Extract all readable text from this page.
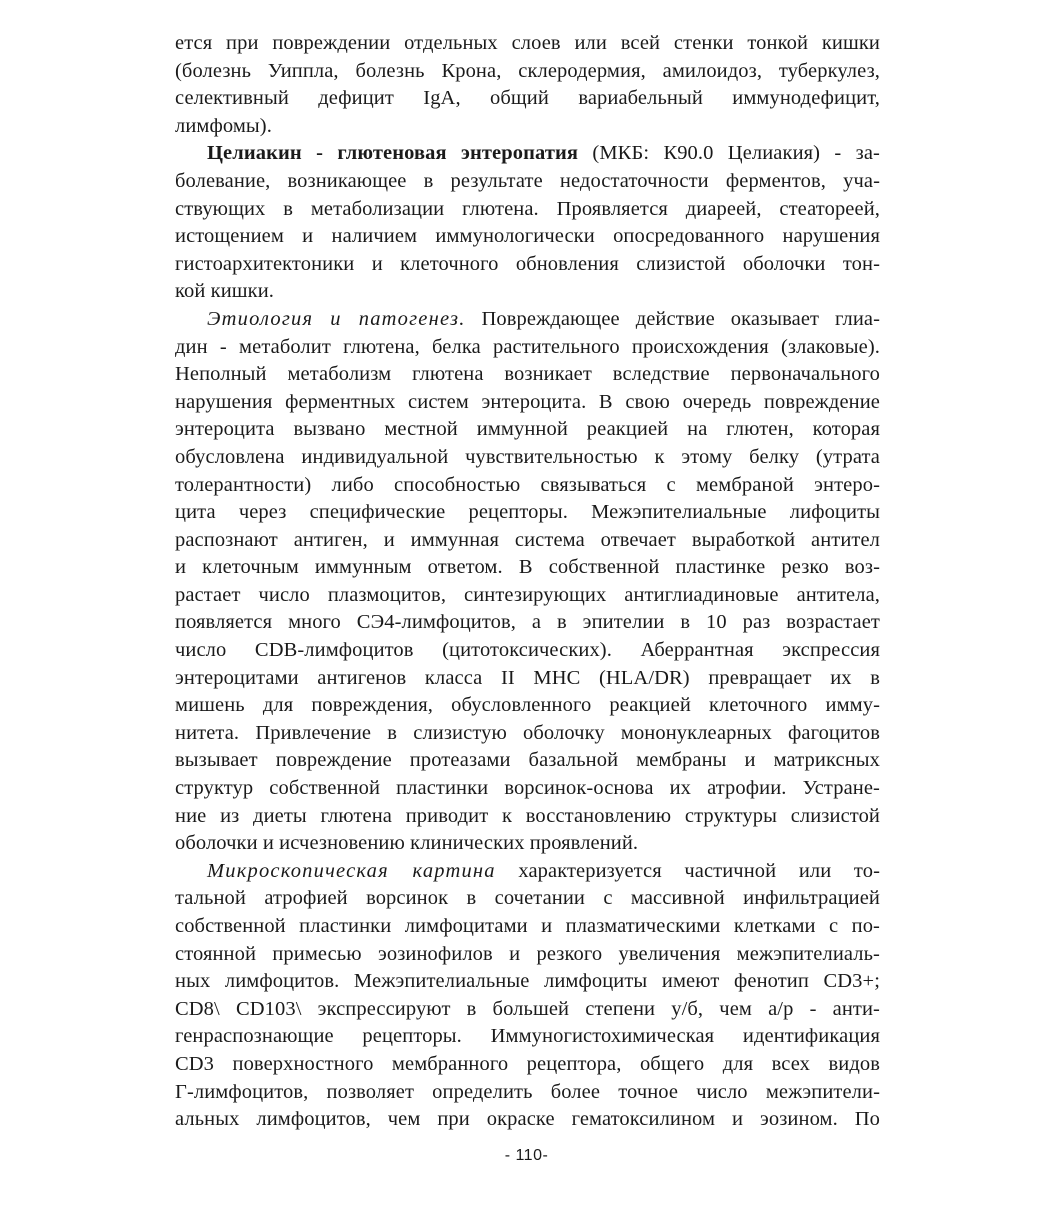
ется при повреждении отдельных слоев или всей стенки тонкой кишки
(болезнь Уиппла, болезнь Крона, склеродермия, амилоидоз, туберкулез,
селективный дефицит IgA, общий вариабельный иммунодефицит,
лимфомы).
Целиакин - глютеновая энтеропатия (МКБ: К90.0 Целиакия) - за-
болевание, возникающее в результате недостаточности ферментов, уча-
ствующих в метаболизации глютена. Проявляется диареей, стеатореей,
истощением и наличием иммунологически опосредованного нарушения
гистоархитектоники и клеточного обновления слизистой оболочки тон-
кой кишки.
Этиология и патогенез. Повреждающее действие оказывает глиа-
дин - метаболит глютена, белка растительного происхождения (злаковые).
Неполный метаболизм глютена возникает вследствие первоначального
нарушения ферментных систем энтероцита. В свою очередь повреждение
энтероцита вызвано местной иммунной реакцией на глютен, которая
обусловлена индивидуальной чувствительностью к этому белку (утрата
толерантности) либо способностью связываться с мембраной энтеро-
цита через специфические рецепторы. Межэпителиальные лифоциты
распознают антиген, и иммунная система отвечает выработкой антител
и клеточным иммунным ответом. В собственной пластинке резко воз-
растает число плазмоцитов, синтезирующих антиглиадиновые антитела,
появляется много СЭ4-лимфоцитов, а в эпителии в 10 раз возрастает
число CDB-лимфоцитов (цитотоксических). Аберрантная экспрессия
энтероцитами антигенов класса II МНС (HLA/DR) превращает их в
мишень для повреждения, обусловленного реакцией клеточного имму-
нитета. Привлечение в слизистую оболочку мононуклеарных фагоцитов
вызывает повреждение протеазами базальной мембраны и матриксных
структур собственной пластинки ворсинок-основа их атрофии. Устране-
ние из диеты глютена приводит к восстановлению структуры слизистой
оболочки и исчезновению клинических проявлений.
Микроскопическая картина характеризуется частичной или то-
тальной атрофией ворсинок в сочетании с массивной инфильтрацией
собственной пластинки лимфоцитами и плазматическими клетками с по-
стоянной примесью эозинофилов и резкого увеличения межэпителиаль-
ных лимфоцитов. Межэпителиальные лимфоциты имеют фенотип CD3+;
CD8\ CD103\ экспрессируют в большей степени у/б, чем а/р - анти-
генраспознающие рецепторы. Иммуногистохимическая идентификация
CD3 поверхностного мембранного рецептора, общего для всех видов
Г-лимфоцитов, позволяет определить более точное число межэпители-
альных лимфоцитов, чем при окраске гематоксилином и эозином. По
- 110-
